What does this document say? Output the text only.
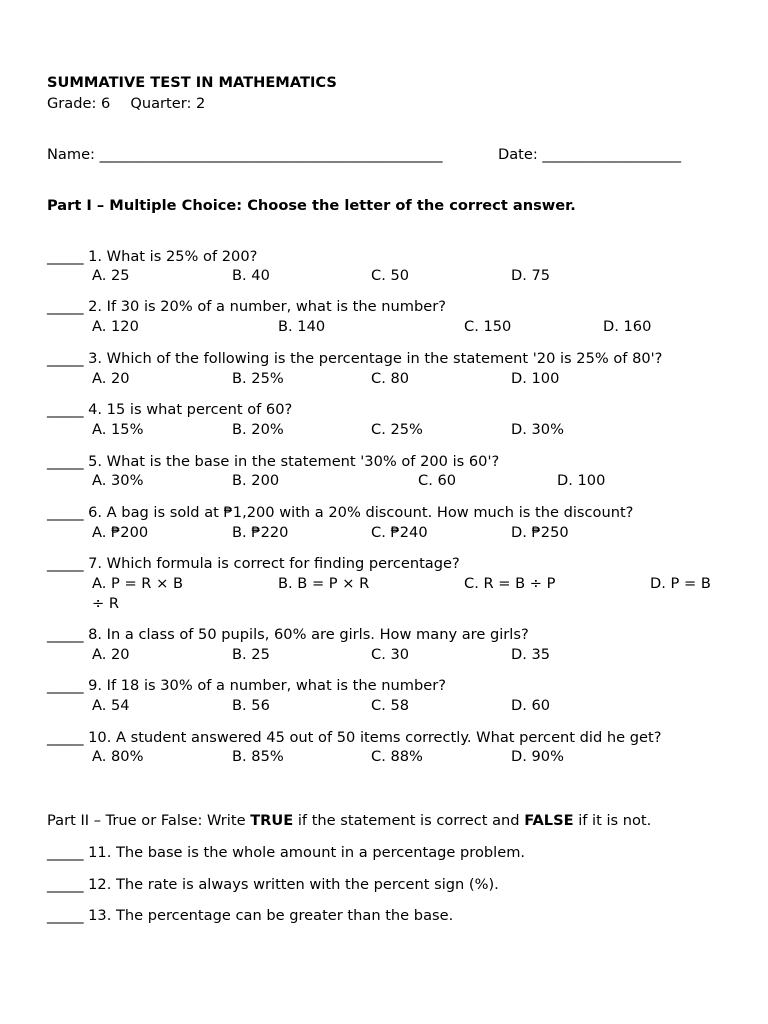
SUMMATIVE TEST IN MATHEMATICS
Grade: 6 Quarter: 2
Name: _______________________________________________	Date: ___________________
Part I – Multiple Choice: Choose the letter of the correct answer.
_____ 1. What is 25% of 200?
A. 25	B. 40	C. 50	D. 75
_____ 2. If 30 is 20% of a number, what is the number?
A. 120	B. 140	C. 150	D. 160
_____ 3. Which of the following is the percentage in the statement '20 is 25% of 80'?
A. 20	B. 25%	C. 80	D. 100
_____ 4. 15 is what percent of 60?
A. 15%	B. 20%	C. 25%	D. 30%
_____ 5. What is the base in the statement '30% of 200 is 60'?
A. 30%	B. 200	C. 60	D. 100
_____ 6. A bag is sold at ₱1,200 with a 20% discount. How much is the discount?
A. ₱200	B. ₱220	C. ₱240	D. ₱250
_____ 7. Which formula is correct for finding percentage?
A. P = R × B	B. B = P × R	C. R = B ÷ P	D. P = B
÷ R
_____ 8. In a class of 50 pupils, 60% are girls. How many are girls?
A. 20	B. 25	C. 30	D. 35
_____ 9. If 18 is 30% of a number, what is the number?
A. 54	B. 56	C. 58	D. 60
_____ 10. A student answered 45 out of 50 items correctly. What percent did he get?
A. 80%	B. 85%	C. 88%	D. 90%
Part II – True or False: Write TRUE if the statement is correct and FALSE if it is not.
_____ 11. The base is the whole amount in a percentage problem.
_____ 12. The rate is always written with the percent sign (%).
_____ 13. The percentage can be greater than the base.
